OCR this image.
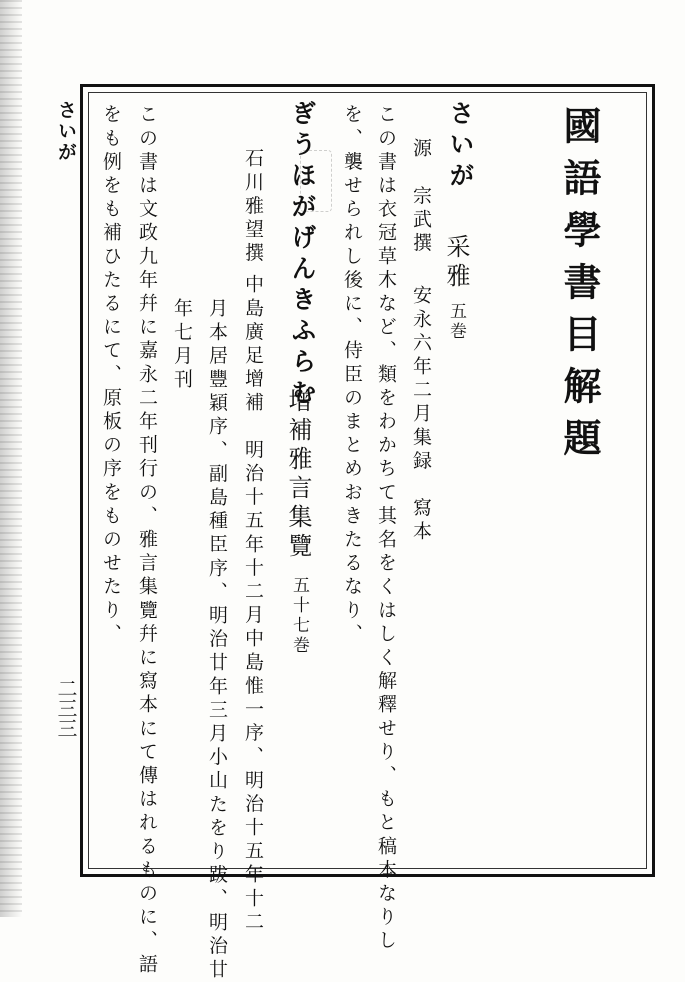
さいが
二三三
國語學書目解題
さいが
采雅五巻
源　宗武撰
安永六年二月集録　寫本
この書は衣冠草木など、類をわかちて其名をくはしく解釋せり、もと稿本なりし
を、襲せられし後に、侍臣のまとめおきたるなり、
ぎうほがげんきふらむ
增補雅言集覽
五十七巻
石川雅望撰
中島廣足增補　明治十五年十二月中島惟一序、明治十五年十二
月本居豐穎序、副島種臣序、明治廿年三月小山たをり跋、明治廿
年七月刊
この書は文政九年幷に嘉永二年刊行の、雅言集覽幷に寫本にて傳はれるものに、語
をも例をも補ひたるにて、原板の序をものせたり、
